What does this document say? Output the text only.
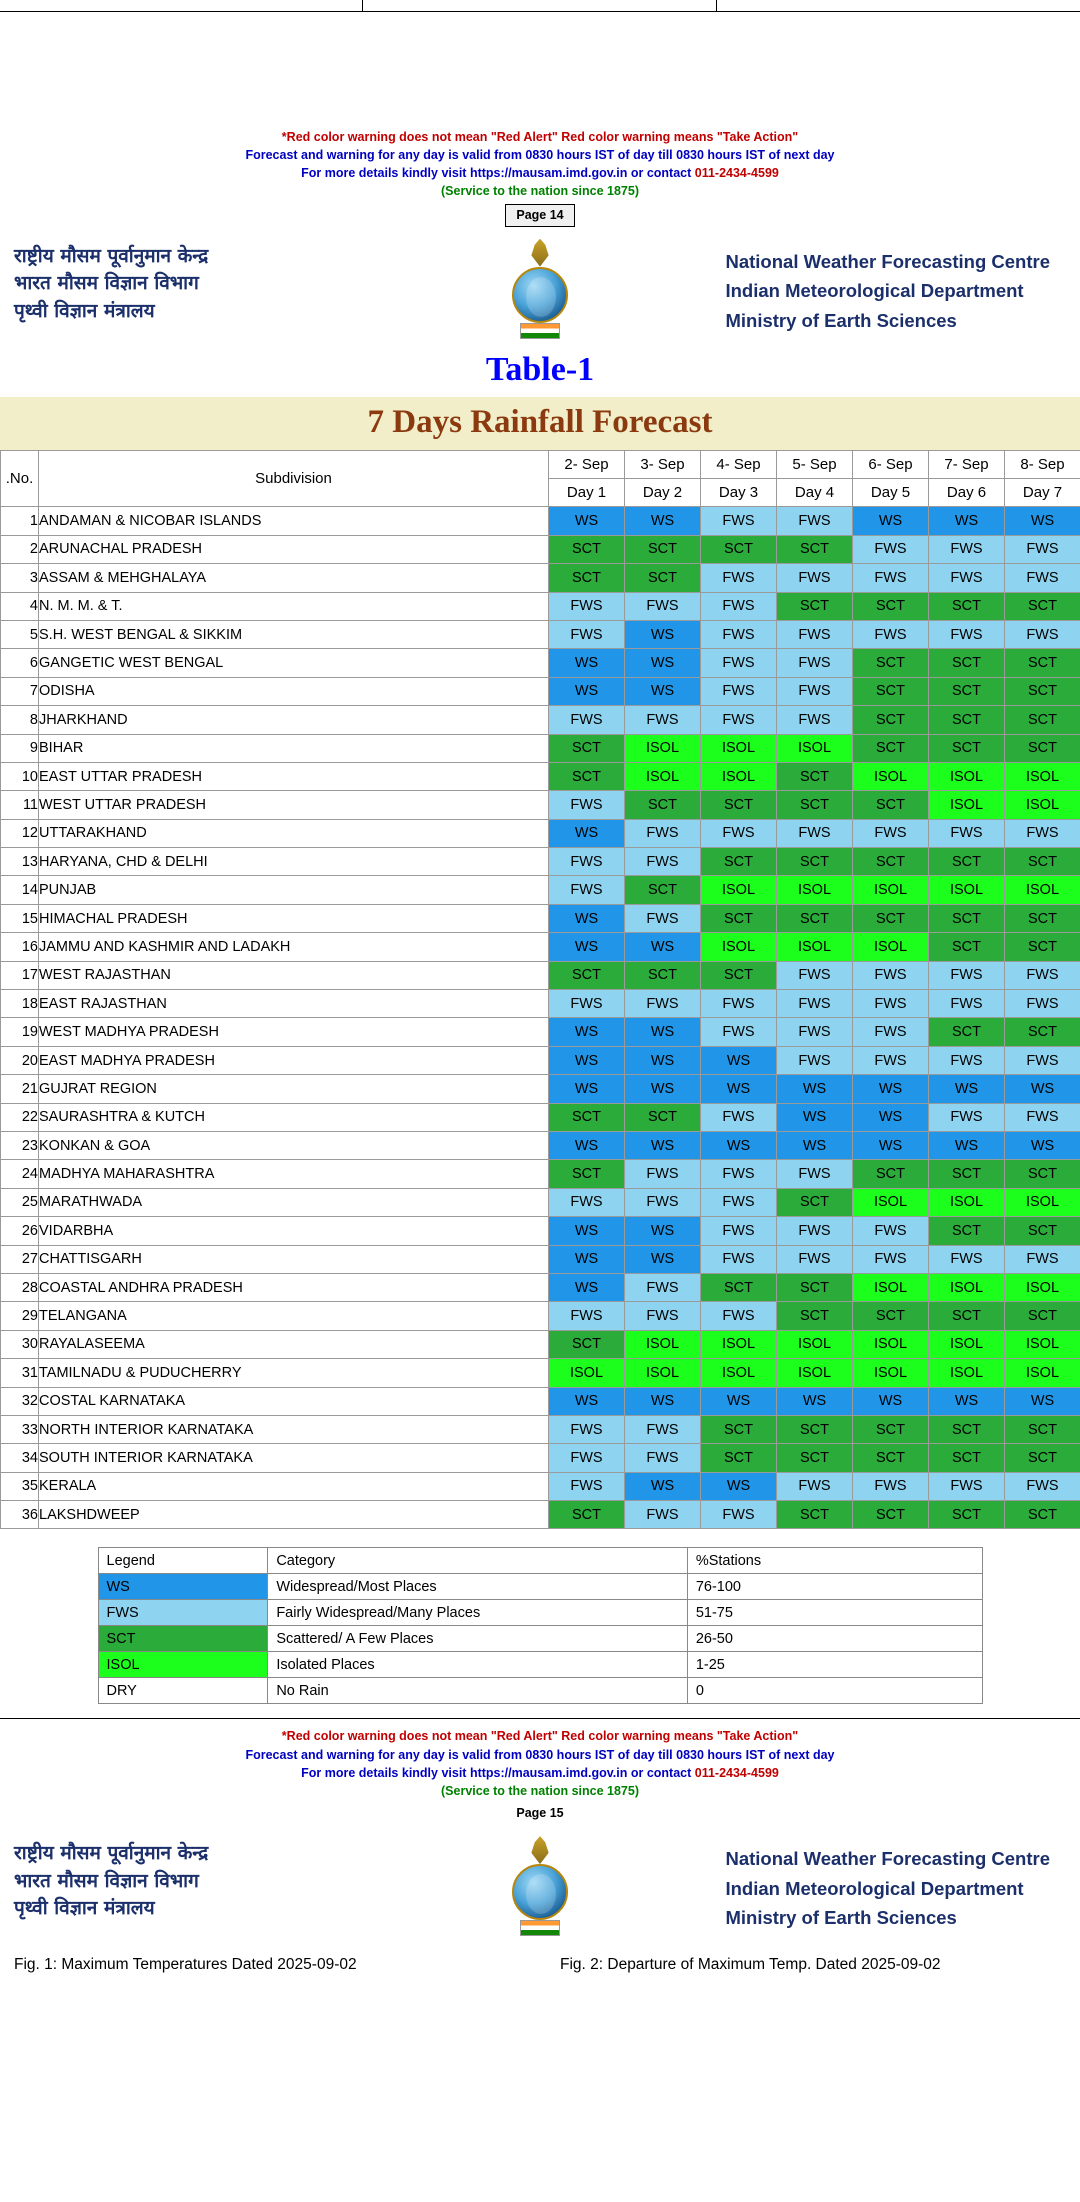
*Red color warning does not mean "Red Alert" Red color warning means "Take Action"
Forecast and warning for any day is valid from 0830 hours IST of day till 0830 hours IST of next day
For more details kindly visit https://mausam.imd.gov.in or contact 011-2434-4599
(Service to the nation since 1875)
Page 14
राष्ट्रीय मौसम पूर्वानुमान केन्द्र
भारत मौसम विज्ञान विभाग
पृथ्वी विज्ञान मंत्रालय
National Weather Forecasting Centre
Indian Meteorological Department
Ministry of Earth Sciences
Table-1
7 Days Rainfall Forecast
.No.	Subdivision	2- Sep	3- Sep	4- Sep	5- Sep	6- Sep	7- Sep	8- Sep
		Day 1	Day 2	Day 3	Day 4	Day 5	Day 6	Day 7
1	ANDAMAN & NICOBAR ISLANDS	WS	WS	FWS	FWS	WS	WS	WS
2	ARUNACHAL PRADESH	SCT	SCT	SCT	SCT	FWS	FWS	FWS
3	ASSAM & MEHGHALAYA	SCT	SCT	FWS	FWS	FWS	FWS	FWS
4	N. M. M. & T.	FWS	FWS	FWS	SCT	SCT	SCT	SCT
5	S.H. WEST BENGAL & SIKKIM	FWS	WS	FWS	FWS	FWS	FWS	FWS
6	GANGETIC WEST BENGAL	WS	WS	FWS	FWS	SCT	SCT	SCT
7	ODISHA	WS	WS	FWS	FWS	SCT	SCT	SCT
8	JHARKHAND	FWS	FWS	FWS	FWS	SCT	SCT	SCT
9	BIHAR	SCT	ISOL	ISOL	ISOL	SCT	SCT	SCT
10	EAST UTTAR PRADESH	SCT	ISOL	ISOL	SCT	ISOL	ISOL	ISOL
11	WEST UTTAR PRADESH	FWS	SCT	SCT	SCT	SCT	ISOL	ISOL
12	UTTARAKHAND	WS	FWS	FWS	FWS	FWS	FWS	FWS
13	HARYANA, CHD & DELHI	FWS	FWS	SCT	SCT	SCT	SCT	SCT
14	PUNJAB	FWS	SCT	ISOL	ISOL	ISOL	ISOL	ISOL
15	HIMACHAL PRADESH	WS	FWS	SCT	SCT	SCT	SCT	SCT
16	JAMMU AND KASHMIR AND LADAKH	WS	WS	ISOL	ISOL	ISOL	SCT	SCT
17	WEST RAJASTHAN	SCT	SCT	SCT	FWS	FWS	FWS	FWS
18	EAST RAJASTHAN	FWS	FWS	FWS	FWS	FWS	FWS	FWS
19	WEST MADHYA PRADESH	WS	WS	FWS	FWS	FWS	SCT	SCT
20	EAST MADHYA PRADESH	WS	WS	WS	FWS	FWS	FWS	FWS
21	GUJRAT REGION	WS	WS	WS	WS	WS	WS	WS
22	SAURASHTRA & KUTCH	SCT	SCT	FWS	WS	WS	FWS	FWS
23	KONKAN & GOA	WS	WS	WS	WS	WS	WS	WS
24	MADHYA MAHARASHTRA	SCT	FWS	FWS	FWS	SCT	SCT	SCT
25	MARATHWADA	FWS	FWS	FWS	SCT	ISOL	ISOL	ISOL
26	VIDARBHA	WS	WS	FWS	FWS	FWS	SCT	SCT
27	CHATTISGARH	WS	WS	FWS	FWS	FWS	FWS	FWS
28	COASTAL ANDHRA PRADESH	WS	FWS	SCT	SCT	ISOL	ISOL	ISOL
29	TELANGANA	FWS	FWS	FWS	SCT	SCT	SCT	SCT
30	RAYALASEEMA	SCT	ISOL	ISOL	ISOL	ISOL	ISOL	ISOL
31	TAMILNADU & PUDUCHERRY	ISOL	ISOL	ISOL	ISOL	ISOL	ISOL	ISOL
32	COSTAL KARNATAKA	WS	WS	WS	WS	WS	WS	WS
33	NORTH INTERIOR KARNATAKA	FWS	FWS	SCT	SCT	SCT	SCT	SCT
34	SOUTH INTERIOR KARNATAKA	FWS	FWS	SCT	SCT	SCT	SCT	SCT
35	KERALA	FWS	WS	WS	FWS	FWS	FWS	FWS
36	LAKSHDWEEP	SCT	FWS	FWS	SCT	SCT	SCT	SCT
Legend	Category	%Stations
WS	Widespread/Most Places	76-100
FWS	Fairly Widespread/Many Places	51-75
SCT	Scattered/ A Few Places	26-50
ISOL	Isolated Places	1-25
DRY	No Rain	0
*Red color warning does not mean "Red Alert" Red color warning means "Take Action"
Forecast and warning for any day is valid from 0830 hours IST of day till 0830 hours IST of next day
For more details kindly visit https://mausam.imd.gov.in or contact 011-2434-4599
(Service to the nation since 1875)
Page 15
राष्ट्रीय मौसम पूर्वानुमान केन्द्र
भारत मौसम विज्ञान विभाग
पृथ्वी विज्ञान मंत्रालय
National Weather Forecasting Centre
Indian Meteorological Department
Ministry of Earth Sciences
Fig. 1: Maximum Temperatures Dated 2025-09-02	Fig. 2: Departure of Maximum Temp. Dated 2025-09-02
